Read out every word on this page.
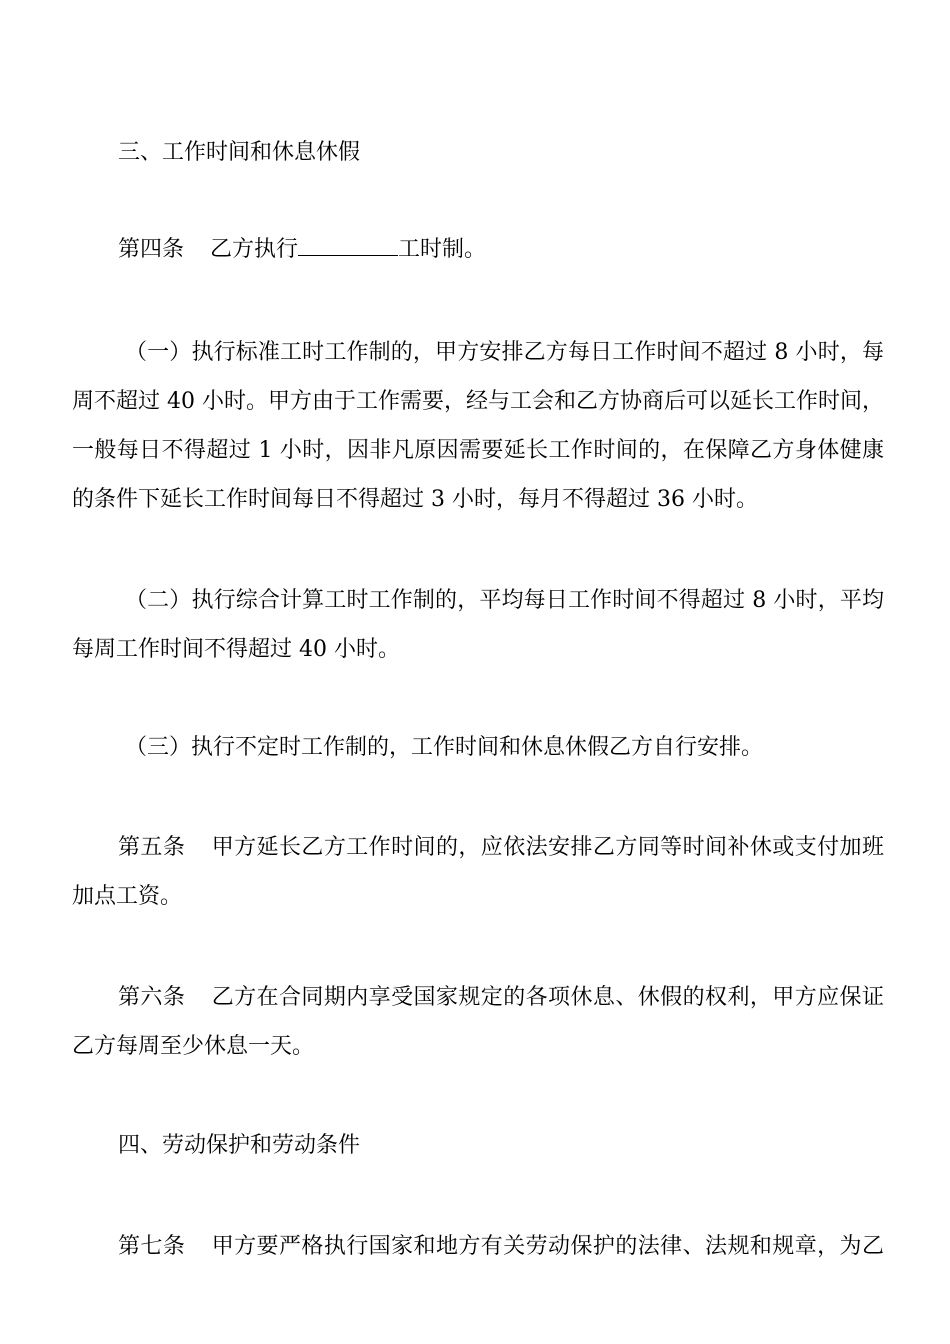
三、工作时间和休息休假
第四条 乙方执行	工时制。
（一）执行标准工时工作制的，甲方安排乙方每日工作时间不超过 8 小时，每
周不超过 40 小时。甲方由于工作需要，经与工会和乙方协商后可以延长工作时间，
一般每日不得超过 1 小时，因非凡原因需要延长工作时间的，在保障乙方身体健康
的条件下延长工作时间每日不得超过 3 小时，每月不得超过 36 小时。
（二）执行综合计算工时工作制的，平均每日工作时间不得超过 8 小时，平均
每周工作时间不得超过 40 小时。
（三）执行不定时工作制的，工作时间和休息休假乙方自行安排。
第五条 甲方延长乙方工作时间的，应依法安排乙方同等时间补休或支付加班
加点工资。
第六条 乙方在合同期内享受国家规定的各项休息、休假的权利，甲方应保证
乙方每周至少休息一天。
四、劳动保护和劳动条件
第七条 甲方要严格执行国家和地方有关劳动保护的法律、法规和规章，为乙
